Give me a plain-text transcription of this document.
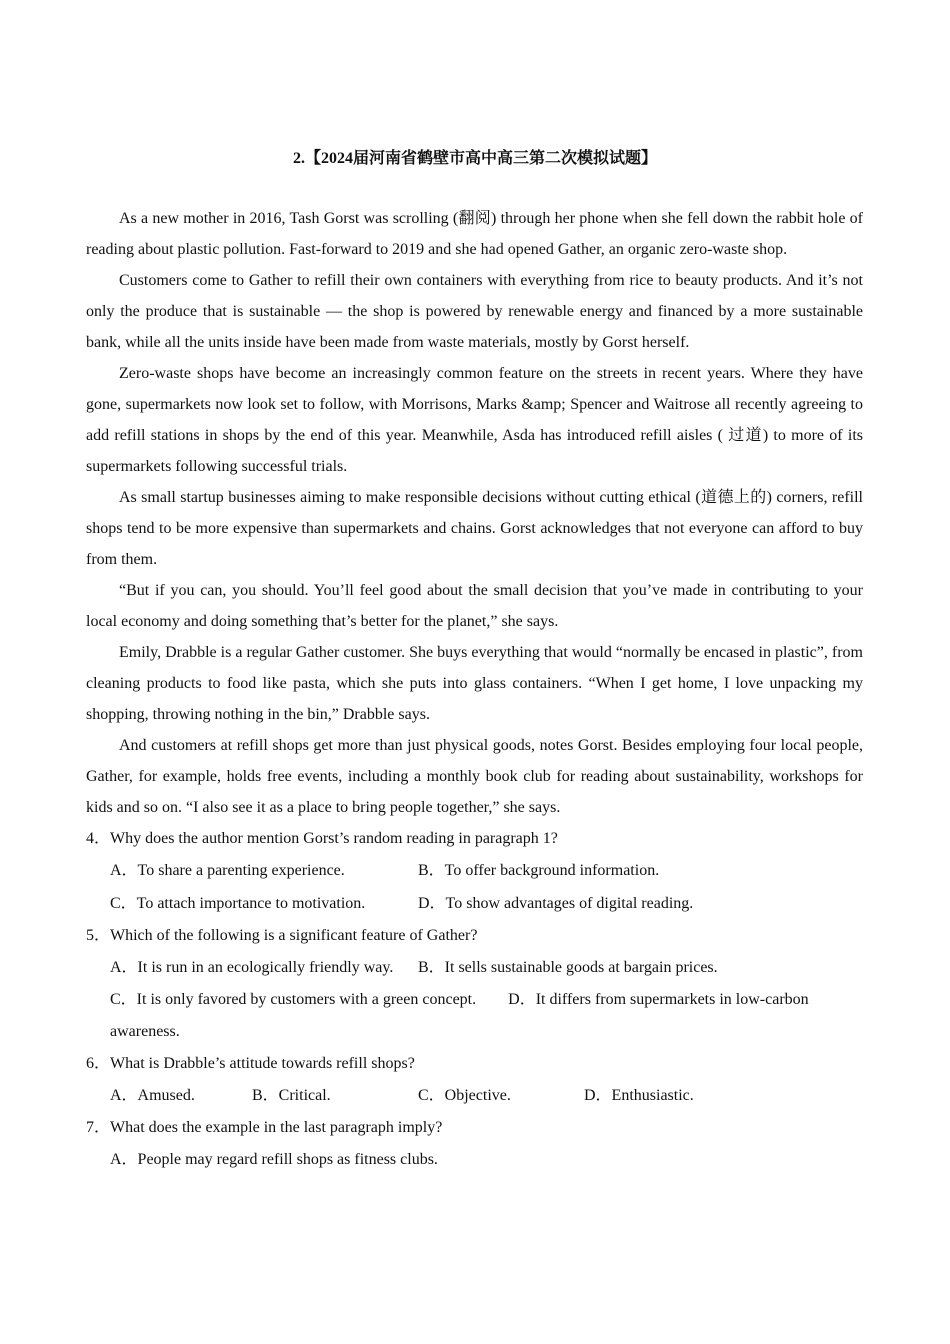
2.【2024届河南省鹤壁市高中高三第二次模拟试题】

As a new mother in 2016, Tash Gorst was scrolling (翻阅) through her phone when she fell down the rabbit hole of reading about plastic pollution. Fast-forward to 2019 and she had opened Gather, an organic zero-waste shop.

Customers come to Gather to refill their own containers with everything from rice to beauty products. And it’s not only the produce that is sustainable — the shop is powered by renewable energy and financed by a more sustainable bank, while all the units inside have been made from waste materials, mostly by Gorst herself.

Zero-waste shops have become an increasingly common feature on the streets in recent years. Where they have gone, supermarkets now look set to follow, with Morrisons, Marks &amp; Spencer and Waitrose all recently agreeing to add refill stations in shops by the end of this year. Meanwhile, Asda has introduced refill aisles ( 过道) to more of its supermarkets following successful trials.

As small startup businesses aiming to make responsible decisions without cutting ethical (道德上的) corners, refill shops tend to be more expensive than supermarkets and chains. Gorst acknowledges that not everyone can afford to buy from them.

“But if you can, you should. You’ll feel good about the small decision that you’ve made in contributing to your local economy and doing something that’s better for the planet,” she says.

Emily, Drabble is a regular Gather customer. She buys everything that would “normally be encased in plastic”, from cleaning products to food like pasta, which she puts into glass containers. “When I get home, I love unpacking my shopping, throwing nothing in the bin,” Drabble says.

And customers at refill shops get more than just physical goods, notes Gorst. Besides employing four local people, Gather, for example, holds free events, including a monthly book club for reading about sustainability, workshops for kids and so on. “I also see it as a place to bring people together,” she says.

4．Why does the author mention Gorst’s random reading in paragraph 1?

A．To share a parenting experience.	B．To offer background information.
C．To attach importance to motivation.	D．To show advantages of digital reading.

5．Which of the following is a significant feature of Gather?

A．It is run in an ecologically friendly way. B．It sells sustainable goods at bargain prices.
C．It is only favored by customers with a green concept. D．It differs from supermarkets in low-carbon awareness.

6．What is Drabble’s attitude towards refill shops?

A．Amused.	B．Critical.	C．Objective.	D．Enthusiastic.

7．What does the example in the last paragraph imply?

A．People may regard refill shops as fitness clubs.
